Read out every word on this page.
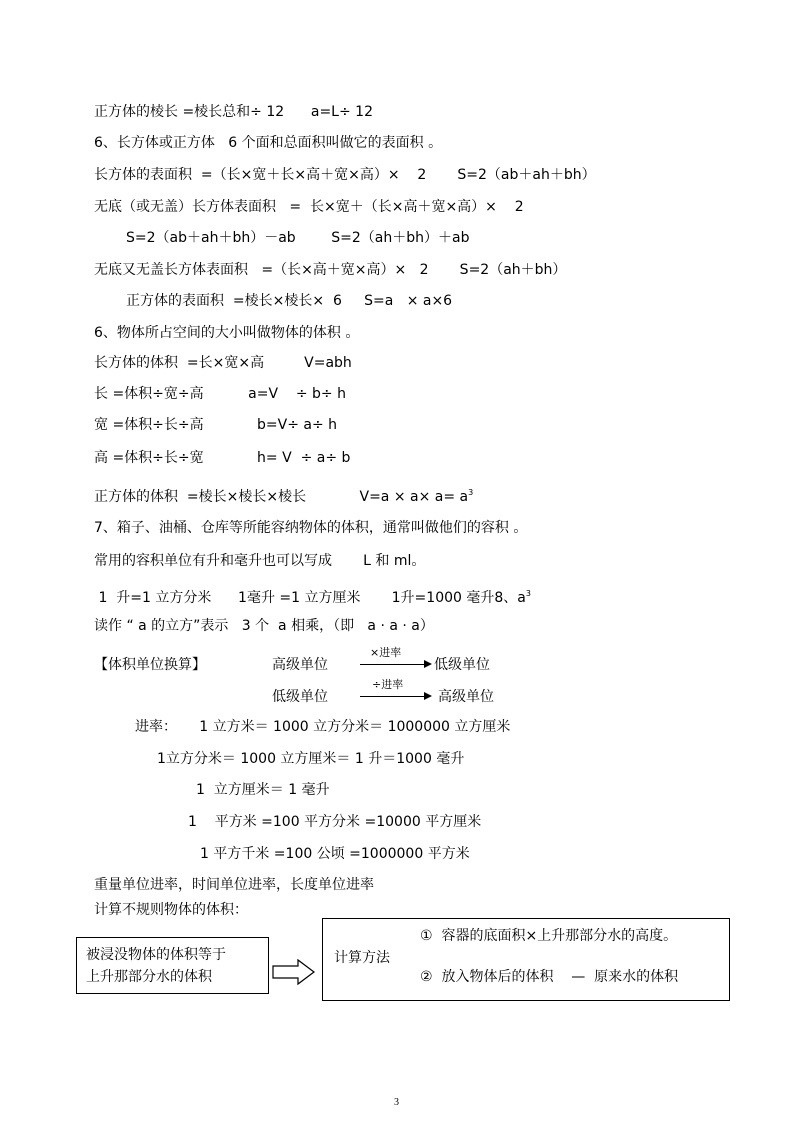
正方体的棱长 =棱长总和÷ 12      a=L÷ 12
6、长方体或正方体   6 个面和总面积叫做它的表面积 。
长方体的表面积  =（长×宽＋长×高＋宽×高）×    2       S=2（ab＋ah＋bh）
无底（或无盖）长方体表面积   =  长×宽＋（长×高＋宽×高）×    2
S=2（ab＋ah＋bh）－ab        S=2（ah＋bh）＋ab
无底又无盖长方体表面积   =（长×高＋宽×高）×   2       S=2（ah＋bh）
正方体的表面积  =棱长×棱长×  6     S=a   × a×6
6、物体所占空间的大小叫做物体的体积 。
长方体的体积  =长×宽×高         V=abh
长 =体积÷宽÷高          a=V    ÷ b÷ h
宽 =体积÷长÷高            b=V÷ a÷ h
高 =体积÷长÷宽            h= V  ÷ a÷ b
正方体的体积  =棱长×棱长×棱长            $V=a \times a\times a= a^3$
7、箱子、油桶、仓库等所能容纳物体的体积，通常叫做他们的容积 。
常用的容积单位有升和毫升也可以写成       L 和 ml。
1  升=1 立方分米      1毫升 =1 立方厘米       1升=1000 毫升8、$a^3$
读作 “ a 的立方”表示   3 个  a 相乘，（即   a · a · a）
【体积单位换算】	高级单位
×进率
低级单位
低级单位
÷进率
高级单位
进率：     1 立方米＝ 1000 立方分米＝ 1000000 立方厘米
1立方分米＝ 1000 立方厘米＝ 1 升＝1000 毫升
1  立方厘米＝ 1 毫升
1    平方米 =100 平方分米 =10000 平方厘米
1 平方千米 =100 公顷 =1000000 平方米
重量单位进率，时间单位进率，长度单位进率
计算不规则物体的体积：
被浸没物体的体积等于
上升那部分水的体积
计算方法
①  容器的底面积×上升那部分水的高度。
②  放入物体后的体积    —  原来水的体积
3
